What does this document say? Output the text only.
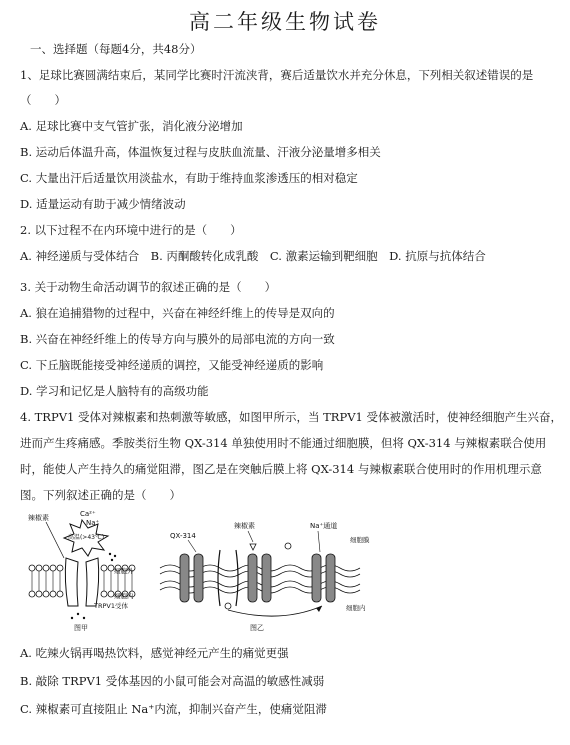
高二年级生物试卷
一、选择题（每题4分，共48分）
1、足球比赛圆满结束后，某同学比赛时汗流浃背，赛后适量饮水并充分休息，下列相关叙述错误的是
（　　）
A. 足球比赛中支气管扩张，消化液分泌增加
B. 运动后体温升高，体温恢复过程与皮肤血流量、汗液分泌量增多相关
C. 大量出汗后适量饮用淡盐水，有助于维持血浆渗透压的相对稳定
D. 适量运动有助于减少情绪波动
2. 以下过程不在内环境中进行的是（　　）
A. 神经递质与受体结合　B. 丙酮酸转化成乳酸　C. 激素运输到靶细胞　D. 抗原与抗体结合
3. 关于动物生命活动调节的叙述正确的是（　　）
A. 狼在追捕猎物的过程中，兴奋在神经纤维上的传导是双向的
B. 兴奋在神经纤维上的传导方向与膜外的局部电流的方向一致
C. 下丘脑既能接受神经递质的调控，又能受神经递质的影响
D. 学习和记忆是人脑特有的高级功能
4. TRPV1 受体对辣椒素和热刺激等敏感，如图甲所示，当 TRPV1 受体被激活时，使神经细胞产生兴奋，
进而产生疼痛感。季胺类衍生物 QX-314 单独使用时不能通过细胞膜，但将 QX-314 与辣椒素联合使用
时，能使人产生持久的痛觉阻滞，图乙是在突触后膜上将 QX-314 与辣椒素联合使用时的作用机理示意
图。下列叙述正确的是（　　）
高温(>43℃)
辣椒素	Ca²⁺
Na⁺
细胞外
细胞内
TRPV1受体
图甲
QX-314
辣椒素	Na⁺通道
细胞膜
细胞内
图乙
A. 吃辣火锅再喝热饮料，感觉神经元产生的痛觉更强
B. 敲除 TRPV1 受体基因的小鼠可能会对高温的敏感性减弱
C. 辣椒素可直接阻止 Na⁺内流，抑制兴奋产生，使痛觉阻滞
